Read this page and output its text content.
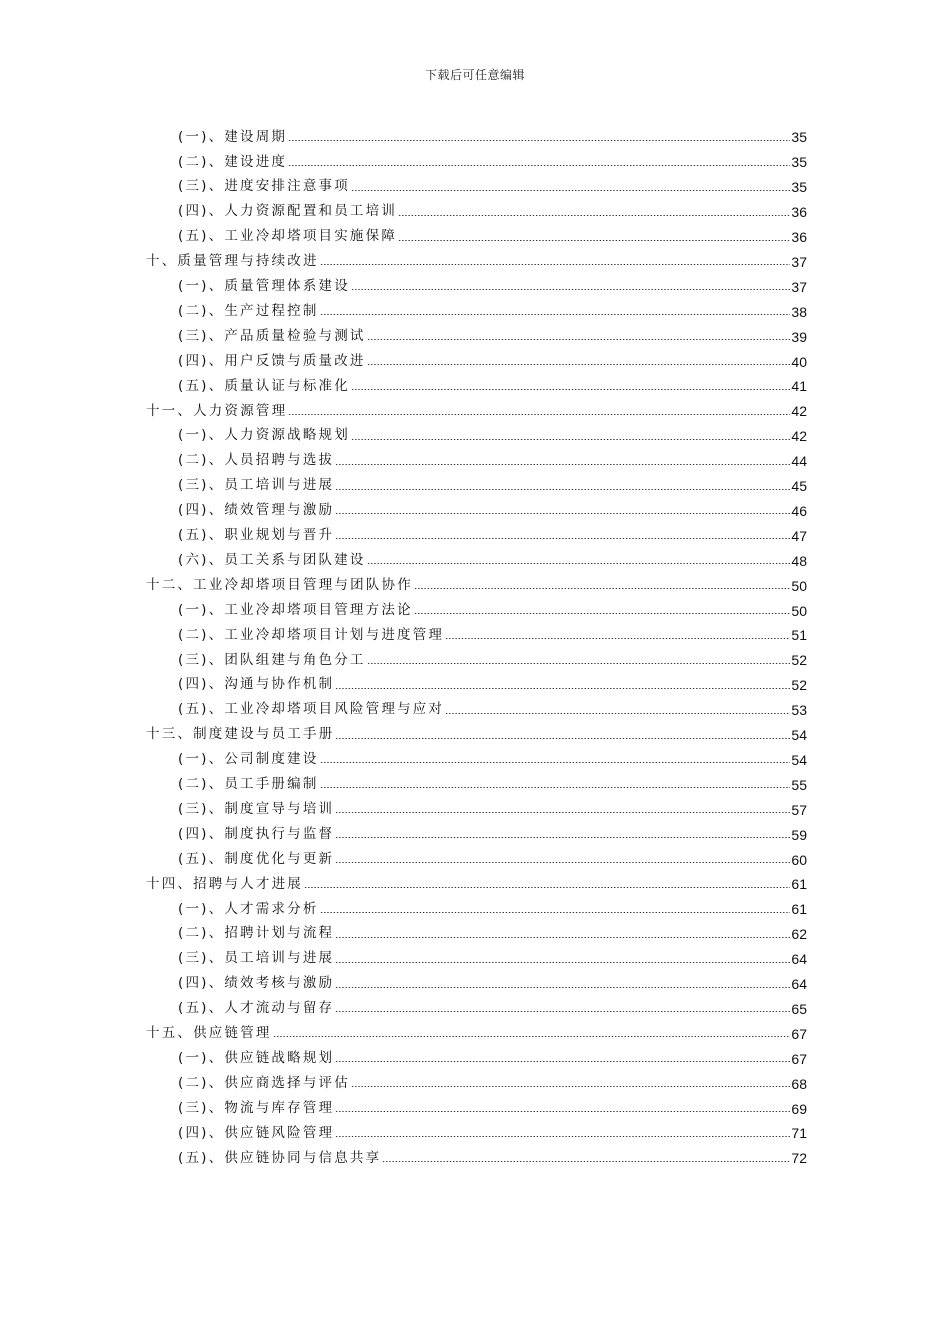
下载后可任意编辑
(一)、建设周期	35
(二)、建设进度	35
(三)、进度安排注意事项	35
(四)、人力资源配置和员工培训	36
(五)、工业冷却塔项目实施保障	36
十、质量管理与持续改进	37
(一)、质量管理体系建设	37
(二)、生产过程控制	38
(三)、产品质量检验与测试	39
(四)、用户反馈与质量改进	40
(五)、质量认证与标准化	41
十一、人力资源管理	42
(一)、人力资源战略规划	42
(二)、人员招聘与选拔	44
(三)、员工培训与进展	45
(四)、绩效管理与激励	46
(五)、职业规划与晋升	47
(六)、员工关系与团队建设	48
十二、工业冷却塔项目管理与团队协作	50
(一)、工业冷却塔项目管理方法论	50
(二)、工业冷却塔项目计划与进度管理	51
(三)、团队组建与角色分工	52
(四)、沟通与协作机制	52
(五)、工业冷却塔项目风险管理与应对	53
十三、制度建设与员工手册	54
(一)、公司制度建设	54
(二)、员工手册编制	55
(三)、制度宣导与培训	57
(四)、制度执行与监督	59
(五)、制度优化与更新	60
十四、招聘与人才进展	61
(一)、人才需求分析	61
(二)、招聘计划与流程	62
(三)、员工培训与进展	64
(四)、绩效考核与激励	64
(五)、人才流动与留存	65
十五、供应链管理	67
(一)、供应链战略规划	67
(二)、供应商选择与评估	68
(三)、物流与库存管理	69
(四)、供应链风险管理	71
(五)、供应链协同与信息共享	72
